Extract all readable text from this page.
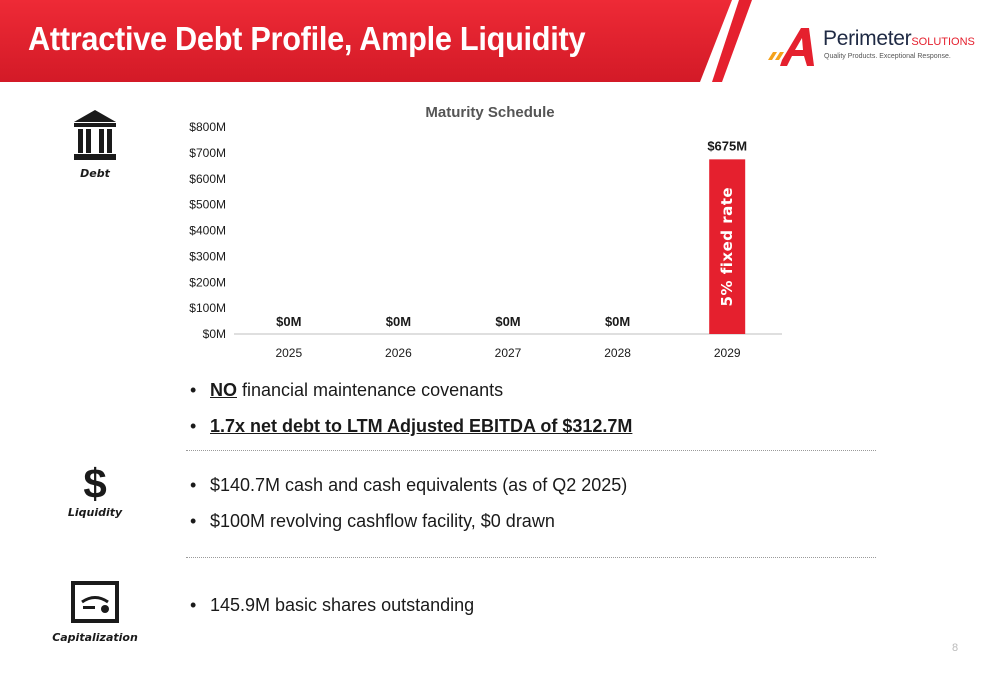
Attractive Debt Profile, Ample Liquidity	PerimeterSOLUTIONS
Quality Products. Exceptional Response.
Debt
$
Liquidity
Capitalization
Maturity Schedule
$0M
$100M
$200M
$300M
$400M
$500M
$600M
$700M
$800M
5% fixed rate
2025	2026	2027	2028	2029
$0M	$0M	$0M	$0M
$675M
• NO financial maintenance covenants
• 1.7x net debt to LTM Adjusted EBITDA of $312.7M
• $140.7M cash and cash equivalents (as of Q2 2025)
• $100M revolving cashflow facility, $0 drawn
• 145.9M basic shares outstanding
8
